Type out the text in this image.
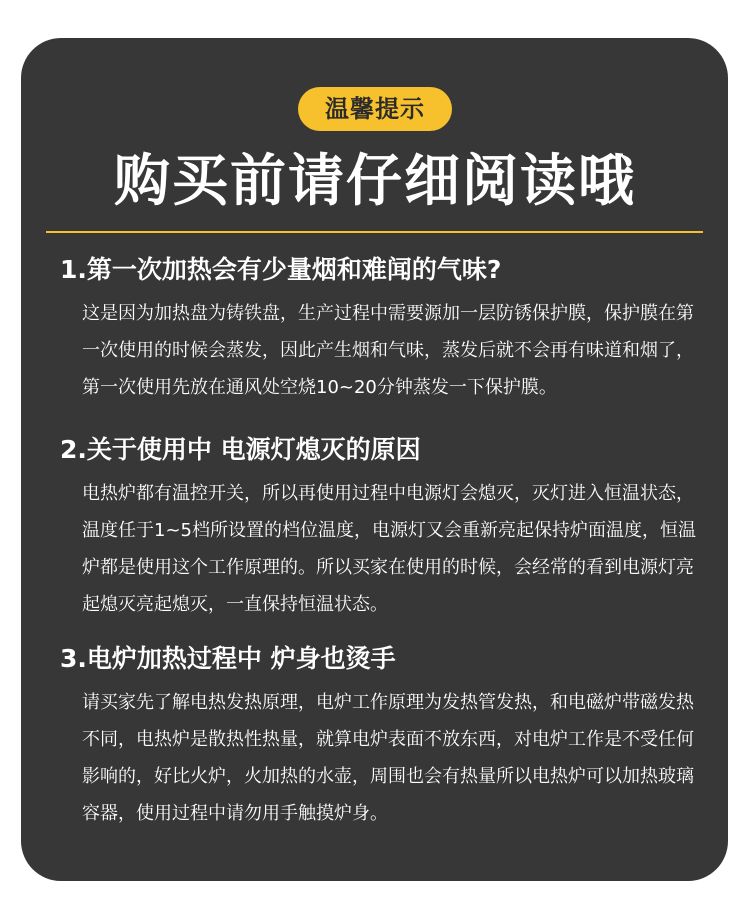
温馨提示
购买前请仔细阅读哦
1.第一次加热会有少量烟和难闻的气味?
这是因为加热盘为铸铁盘，生产过程中需要源加一层防锈保护膜，保护膜在第一次使用的时候会蒸发，因此产生烟和气味，蒸发后就不会再有味道和烟了，第一次使用先放在通风处空烧10~20分钟蒸发一下保护膜。
2.关于使用中 电源灯熄灭的原因
电热炉都有温控开关，所以再使用过程中电源灯会熄灭，灭灯进入恒温状态，温度任于1~5档所设置的档位温度，电源灯又会重新亮起保持炉面温度，恒温炉都是使用这个工作原理的。所以买家在使用的时候，会经常的看到电源灯亮起熄灭亮起熄灭，一直保持恒温状态。
3.电炉加热过程中 炉身也烫手
请买家先了解电热发热原理，电炉工作原理为发热管发热，和电磁炉带磁发热不同，电热炉是散热性热量，就算电炉表面不放东西，对电炉工作是不受任何影响的，好比火炉，火加热的水壶，周围也会有热量所以电热炉可以加热玻璃容器，使用过程中请勿用手触摸炉身。
